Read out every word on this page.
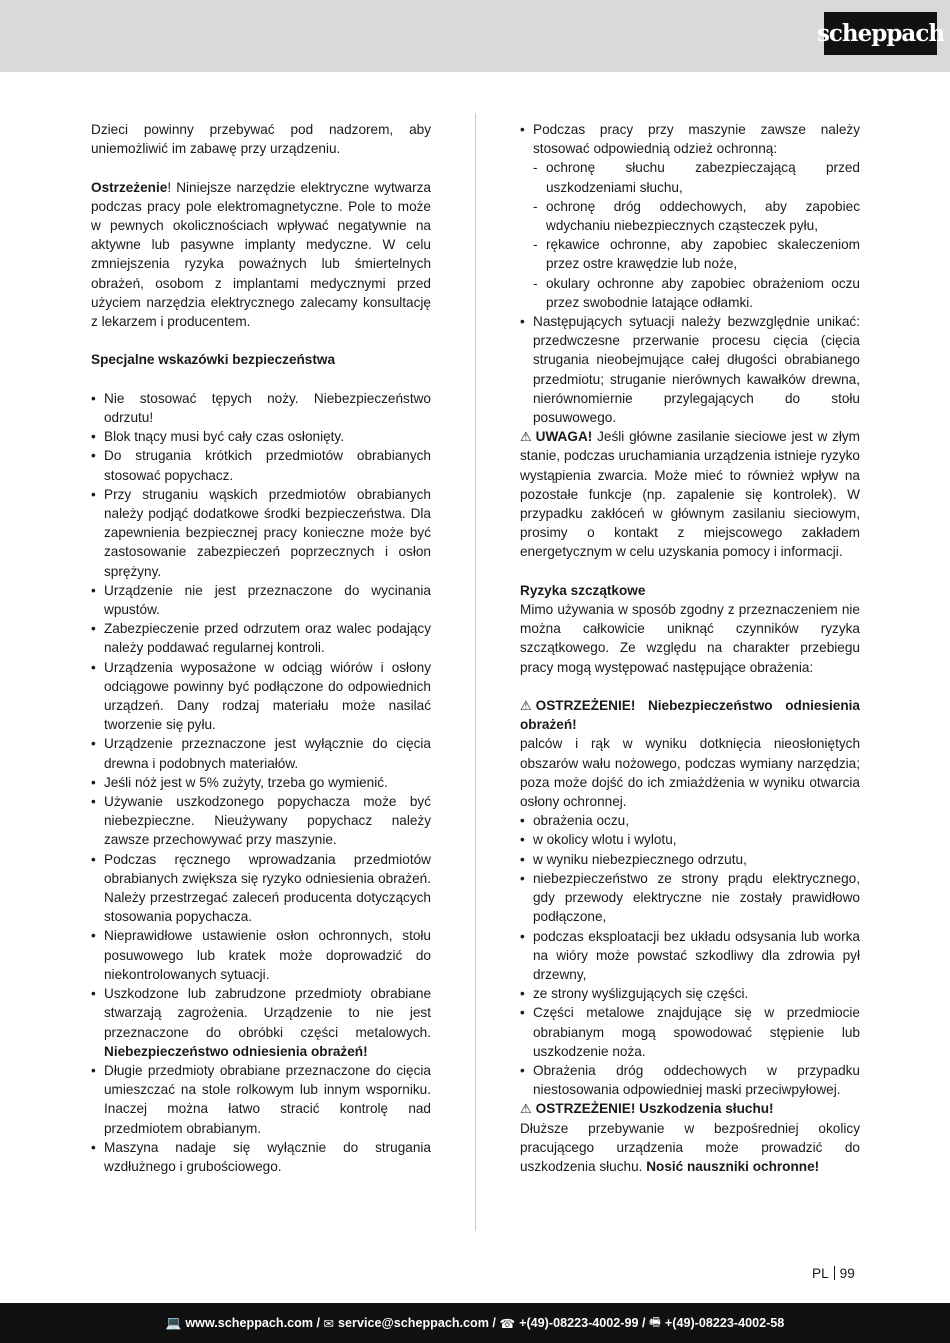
scheppach

Dzieci powinny przebywać pod nadzorem, aby uniemożliwić im zabawę przy urządzeniu.

Ostrzeżenie! Niniejsze narzędzie elektryczne wytwarza podczas pracy pole elektromagnetyczne. Pole to może w pewnych okolicznościach wpływać negatywnie na aktywne lub pasywne implanty medyczne. W celu zmniejszenia ryzyka poważnych lub śmiertelnych obrażeń, osobom z implantami medycznymi przed użyciem narzędzia elektrycznego zalecamy konsultację z lekarzem i producentem.

Specjalne wskazówki bezpieczeństwa

• Nie stosować tępych noży. Niebezpieczeństwo odrzutu!
• Blok tnący musi być cały czas osłonięty.
• Do strugania krótkich przedmiotów obrabianych stosować popychacz.
• Przy struganiu wąskich przedmiotów obrabianych należy podjąć dodatkowe środki bezpieczeństwa. Dla zapewnienia bezpiecznej pracy konieczne może być zastosowanie zabezpieczeń poprzecznych i osłon sprężyny.
• Urządzenie nie jest przeznaczone do wycinania wpustów.
• Zabezpieczenie przed odrzutem oraz walec podający należy poddawać regularnej kontroli.
• Urządzenia wyposażone w odciąg wiórów i osłony odciągowe powinny być podłączone do odpowiednich urządzeń. Dany rodzaj materiału może nasilać tworzenie się pyłu.
• Urządzenie przeznaczone jest wyłącznie do cięcia drewna i podobnych materiałów.
• Jeśli nóż jest w 5% zużyty, trzeba go wymienić.
• Używanie uszkodzonego popychacza może być niebezpieczne. Nieużywany popychacz należy zawsze przechowywać przy maszynie.
• Podczas ręcznego wprowadzania przedmiotów obrabianych zwiększa się ryzyko odniesienia obrażeń. Należy przestrzegać zaleceń producenta dotyczących stosowania popychacza.
• Nieprawidłowe ustawienie osłon ochronnych, stołu posuwowego lub kratek może doprowadzić do niekontrolowanych sytuacji.
• Uszkodzone lub zabrudzone przedmioty obrabiane stwarzają zagrożenia. Urządzenie to nie jest przeznaczone do obróbki części metalowych. Niebezpieczeństwo odniesienia obrażeń!
• Długie przedmioty obrabiane przeznaczone do cięcia umieszczać na stole rolkowym lub innym wsporniku. Inaczej można łatwo stracić kontrolę nad przedmiotem obrabianym.
• Maszyna nadaje się wyłącznie do strugania wzdłużnego i grubościowego.
• Podczas pracy przy maszynie zawsze należy stosować odpowiednią odzież ochronną:
- ochronę słuchu zabezpieczającą przed uszkodzeniami słuchu,
- ochronę dróg oddechowych, aby zapobiec wdychaniu niebezpiecznych cząsteczek pyłu,
- rękawice ochronne, aby zapobiec skaleczeniom przez ostre krawędzie lub noże,
- okulary ochronne aby zapobiec obrażeniom oczu przez swobodnie latające odłamki.
• Następujących sytuacji należy bezwzględnie unikać: przedwczesne przerwanie procesu cięcia (cięcia strugania nieobejmujące całej długości obrabianego przedmiotu; struganie nierównych kawałków drewna, nierównomiernie przylegających do stołu posuwowego.

⚠ UWAGA! Jeśli główne zasilanie sieciowe jest w złym stanie, podczas uruchamiania urządzenia istnieje ryzyko wystąpienia zwarcia. Może mieć to również wpływ na pozostałe funkcje (np. zapalenie się kontrolek). W przypadku zakłóceń w głównym zasilaniu sieciowym, prosimy o kontakt z miejscowego zakładem energetycznym w celu uzyskania pomocy i informacji.

Ryzyka szczątkowe

Mimo używania w sposób zgodny z przeznaczeniem nie można całkowicie uniknąć czynników ryzyka szczątkowego. Ze względu na charakter przebiegu pracy mogą występować następujące obrażenia:

⚠ OSTRZEŻENIE! Niebezpieczeństwo odniesienia obrażeń!

palców i rąk w wyniku dotknięcia nieosłoniętych obszarów wału nożowego, podczas wymiany narzędzia; poza może dojść do ich zmiażdżenia w wyniku otwarcia osłony ochronnej.

• obrażenia oczu,
• w okolicy wlotu i wylotu,
• w wyniku niebezpiecznego odrzutu,
• niebezpieczeństwo ze strony prądu elektrycznego, gdy przewody elektryczne nie zostały prawidłowo podłączone,
• podczas eksploatacji bez układu odsysania lub worka na wióry może powstać szkodliwy dla zdrowia pył drzewny,
• ze strony wyślizgujących się części.
• Części metalowe znajdujące się w przedmiocie obrabianym mogą spowodować stępienie lub uszkodzenie noża.
• Obrażenia dróg oddechowych w przypadku niestosowania odpowiedniej maski przeciwpyłowej.

⚠ OSTRZEŻENIE! Uszkodzenia słuchu!

Dłuższe przebywanie w bezpośredniej okolicy pracującego urządzenia może prowadzić do uszkodzenia słuchu. Nosić nauszniki ochronne!

PL 99
💻 www.scheppach.com / ✉ service@scheppach.com / ☎ +(49)-08223-4002-99 / 🖷 +(49)-08223-4002-58
